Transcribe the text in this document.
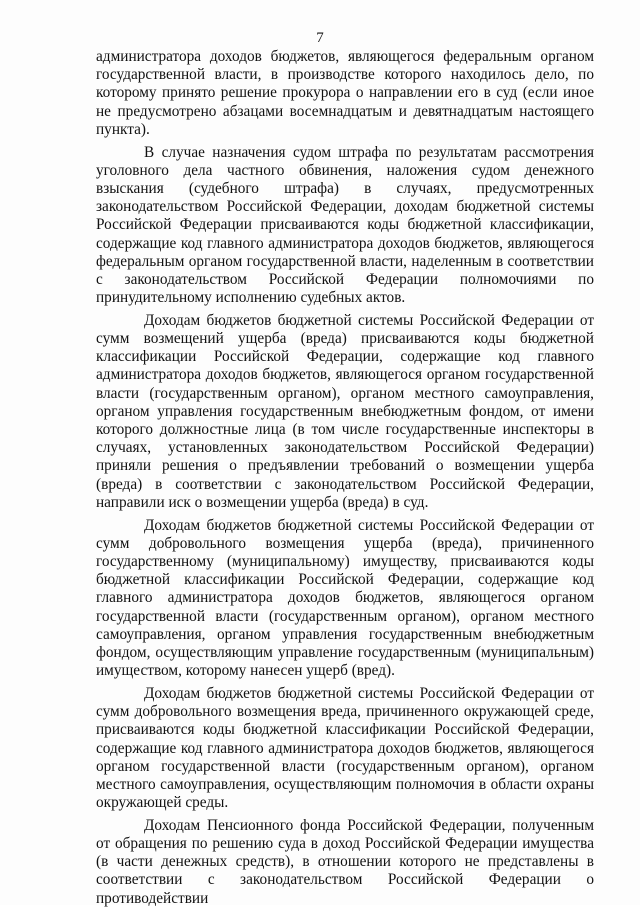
7

администратора доходов бюджетов, являющегося федеральным органом государственной власти, в производстве которого находилось дело, по которому принято решение прокурора о направлении его в суд (если иное не предусмотрено абзацами восемнадцатым и девятнадцатым настоящего пункта).

В случае назначения судом штрафа по результатам рассмотрения уголовного дела частного обвинения, наложения судом денежного взыскания (судебного штрафа) в случаях, предусмотренных законодательством Российской Федерации, доходам бюджетной системы Российской Федерации присваиваются коды бюджетной классификации, содержащие код главного администратора доходов бюджетов, являющегося федеральным органом государственной власти, наделенным в соответствии с законодательством Российской Федерации полномочиями по принудительному исполнению судебных актов.

Доходам бюджетов бюджетной системы Российской Федерации от сумм возмещений ущерба (вреда) присваиваются коды бюджетной классификации Российской Федерации, содержащие код главного администратора доходов бюджетов, являющегося органом государственной власти (государственным органом), органом местного самоуправления, органом управления государственным внебюджетным фондом, от имени которого должностные лица (в том числе государственные инспекторы в случаях, установленных законодательством Российской Федерации) приняли решения о предъявлении требований о возмещении ущерба (вреда) в соответствии с законодательством Российской Федерации, направили иск о возмещении ущерба (вреда) в суд.

Доходам бюджетов бюджетной системы Российской Федерации от сумм добровольного возмещения ущерба (вреда), причиненного государственному (муниципальному) имуществу, присваиваются коды бюджетной классификации Российской Федерации, содержащие код главного администратора доходов бюджетов, являющегося органом государственной власти (государственным органом), органом местного самоуправления, органом управления государственным внебюджетным фондом, осуществляющим управление государственным (муниципальным) имуществом, которому нанесен ущерб (вред).

Доходам бюджетов бюджетной системы Российской Федерации от сумм добровольного возмещения вреда, причиненного окружающей среде, присваиваются коды бюджетной классификации Российской Федерации, содержащие код главного администратора доходов бюджетов, являющегося органом государственной власти (государственным органом), органом местного самоуправления, осуществляющим полномочия в области охраны окружающей среды.

Доходам Пенсионного фонда Российской Федерации, полученным от обращения по решению суда в доход Российской Федерации имущества (в части денежных средств), в отношении которого не представлены в соответствии с законодательством Российской Федерации о противодействии
